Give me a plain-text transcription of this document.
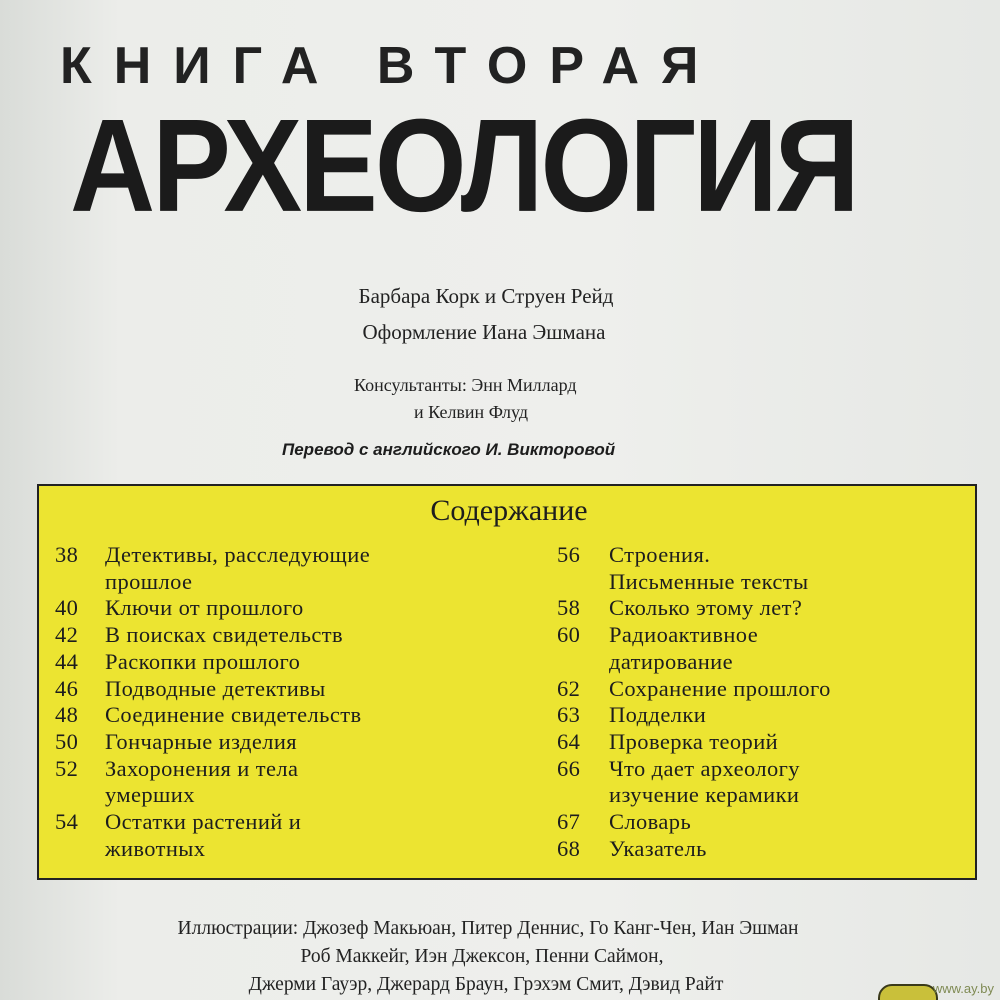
КНИГА ВТОРАЯ
АРХЕОЛОГИЯ
Барбара Корк и Струен Рейд
Оформление Иана Эшмана
Консультанты: Энн Миллард
и Келвин Флуд
Перевод с английского И. Викторовой
Содержание
38	Детективы, расследующие
прошлое
40	Ключи от прошлого
42	В поисках свидетельств
44	Раскопки прошлого
46	Подводные детективы
48	Соединение свидетельств
50	Гончарные изделия
52	Захоронения и тела
умерших
54	Остатки растений и
животных
56	Строения.
Письменные тексты
58	Сколько этому лет?
60	Радиоактивное
датирование
62	Сохранение прошлого
63	Подделки
64	Проверка теорий
66	Что дает археологу
изучение керамики
67	Словарь
68	Указатель
Иллюстрации: Джозеф Макьюан, Питер Деннис, Го Канг-Чен, Иан Эшман
Роб Маккейг, Иэн Джексон, Пенни Саймон,
Джерми Гауэр, Джерард Браун, Грэхэм Смит, Дэвид Райт	www.ay.by
